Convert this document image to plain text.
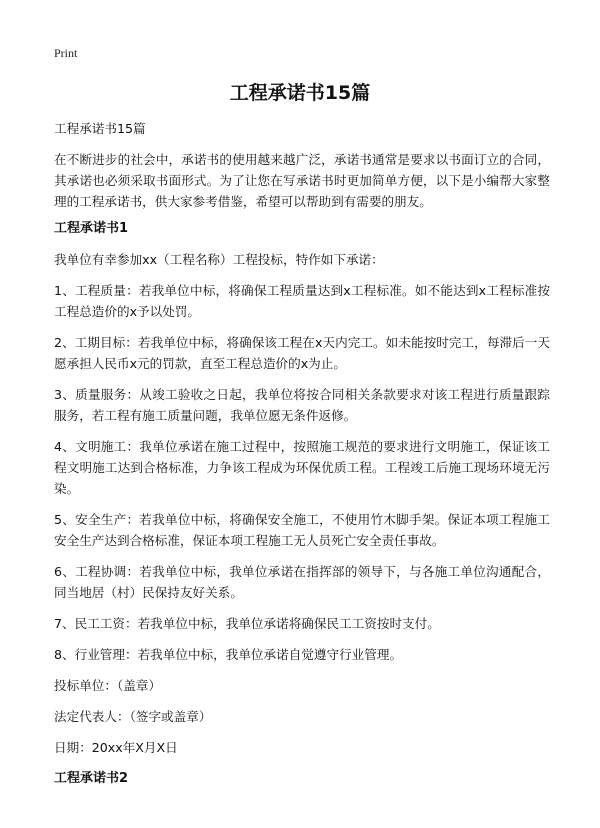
Print
工程承诺书15篇

工程承诺书15篇

在不断进步的社会中，承诺书的使用越来越广泛，承诺书通常是要求以书面订立的合同，其承诺也必须采取书面形式。为了让您在写承诺书时更加简单方便，以下是小编帮大家整理的工程承诺书，供大家参考借鉴，希望可以帮助到有需要的朋友。

工程承诺书1

我单位有幸参加xx（工程名称）工程投标，特作如下承诺：

1、工程质量：若我单位中标，将确保工程质量达到x工程标准。如不能达到x工程标准按工程总造价的x予以处罚。

2、工期目标：若我单位中标，将确保该工程在x天内完工。如未能按时完工，每滞后一天愿承担人民币x元的罚款，直至工程总造价的x为止。

3、质量服务：从竣工验收之日起，我单位将按合同相关条款要求对该工程进行质量跟踪服务，若工程有施工质量问题，我单位愿无条件返修。

4、文明施工：我单位承诺在施工过程中，按照施工规范的要求进行文明施工，保证该工程文明施工达到合格标准，力争该工程成为环保优质工程。工程竣工后施工现场环境无污染。

5、安全生产：若我单位中标，将确保安全施工，不使用竹木脚手架。保证本项工程施工安全生产达到合格标准，保证本项工程施工无人员死亡安全责任事故。

6、工程协调：若我单位中标，我单位承诺在指挥部的领导下，与各施工单位沟通配合，同当地居（村）民保持友好关系。

7、民工工资：若我单位中标，我单位承诺将确保民工工资按时支付。

8、行业管理：若我单位中标，我单位承诺自觉遵守行业管理。

投标单位：（盖章）

法定代表人：（签字或盖章）

日期：20xx年X月X日

工程承诺书2
